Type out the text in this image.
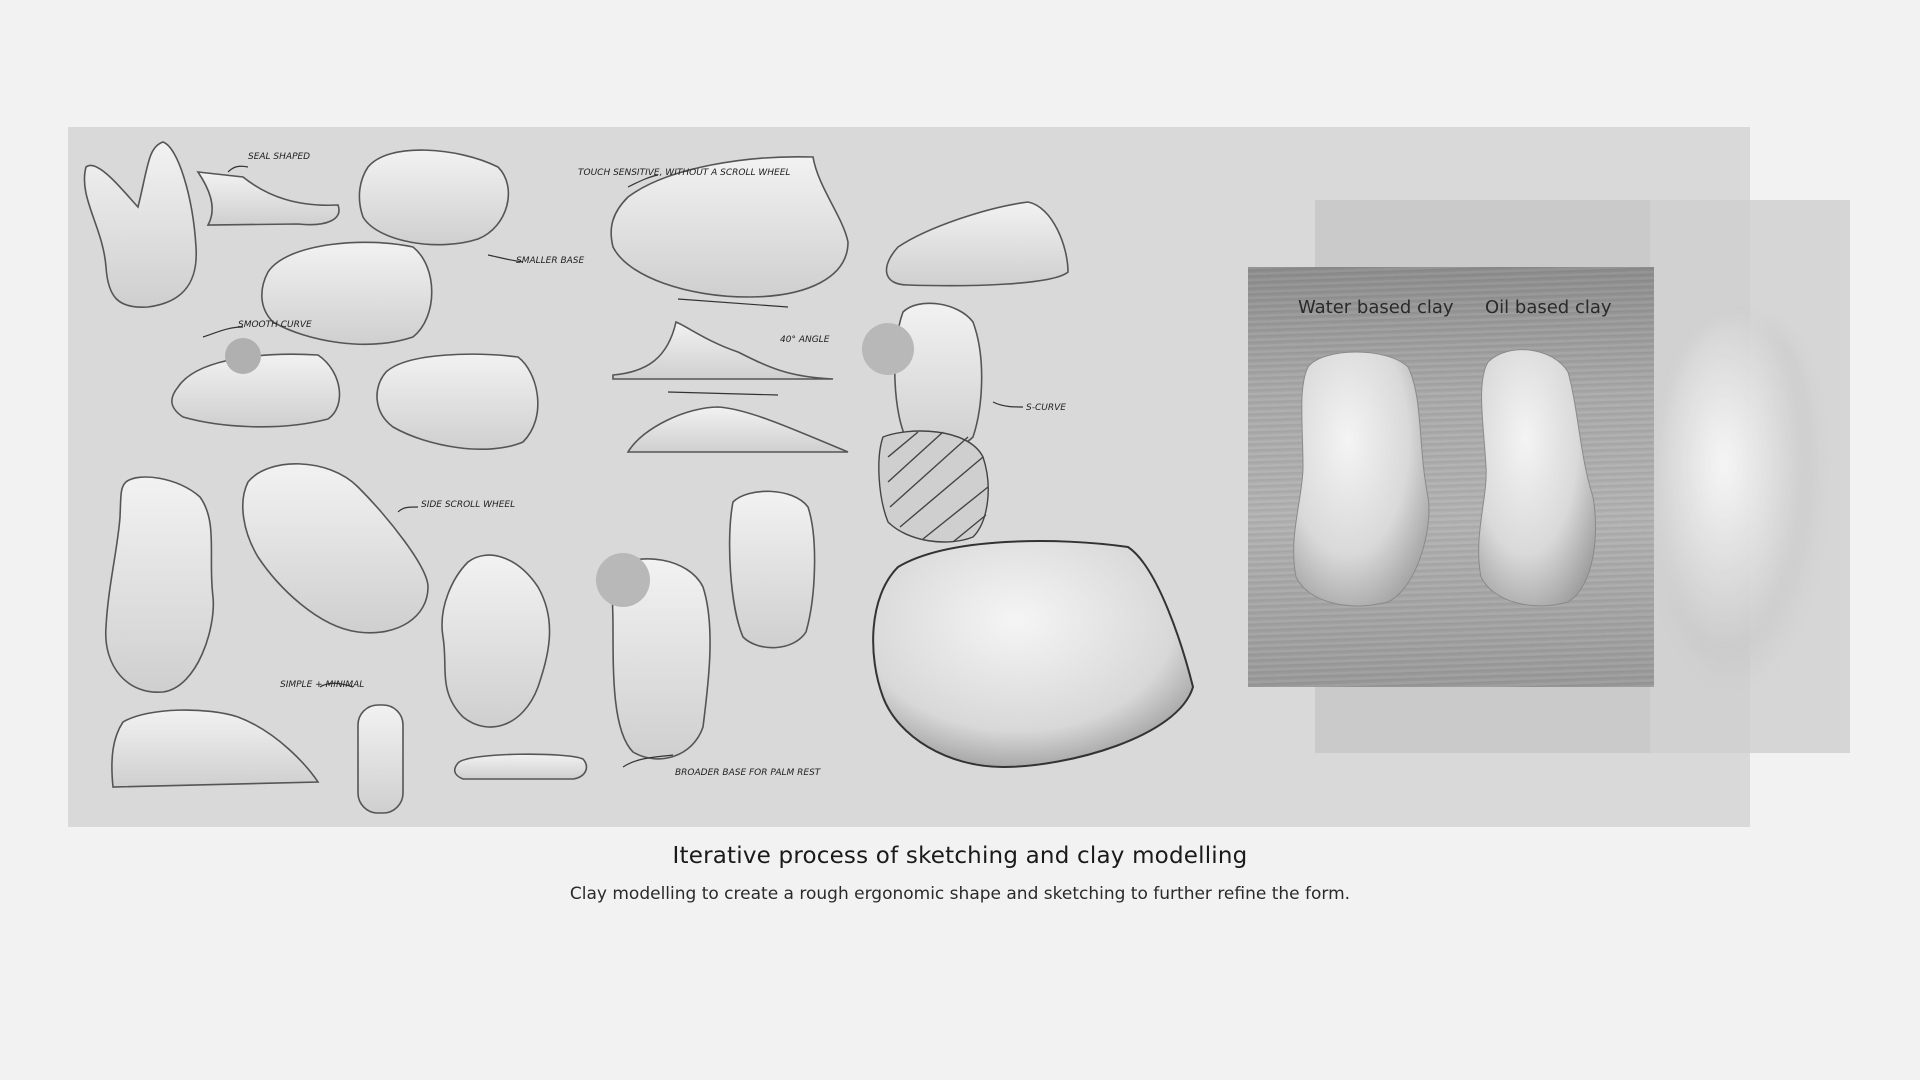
SEAL SHAPED
SMALLER BASE
TOUCH SENSITIVE, WITHOUT A SCROLL WHEEL
SMOOTH CURVE
40° ANGLE
S-CURVE
SIDE SCROLL WHEEL
SIMPLE + MINIMAL
BROADER BASE FOR PALM REST
Water based clay Oil based clay
Iterative process of sketching and clay modelling
Clay modelling to create a rough ergonomic shape and sketching to further refine the form.
